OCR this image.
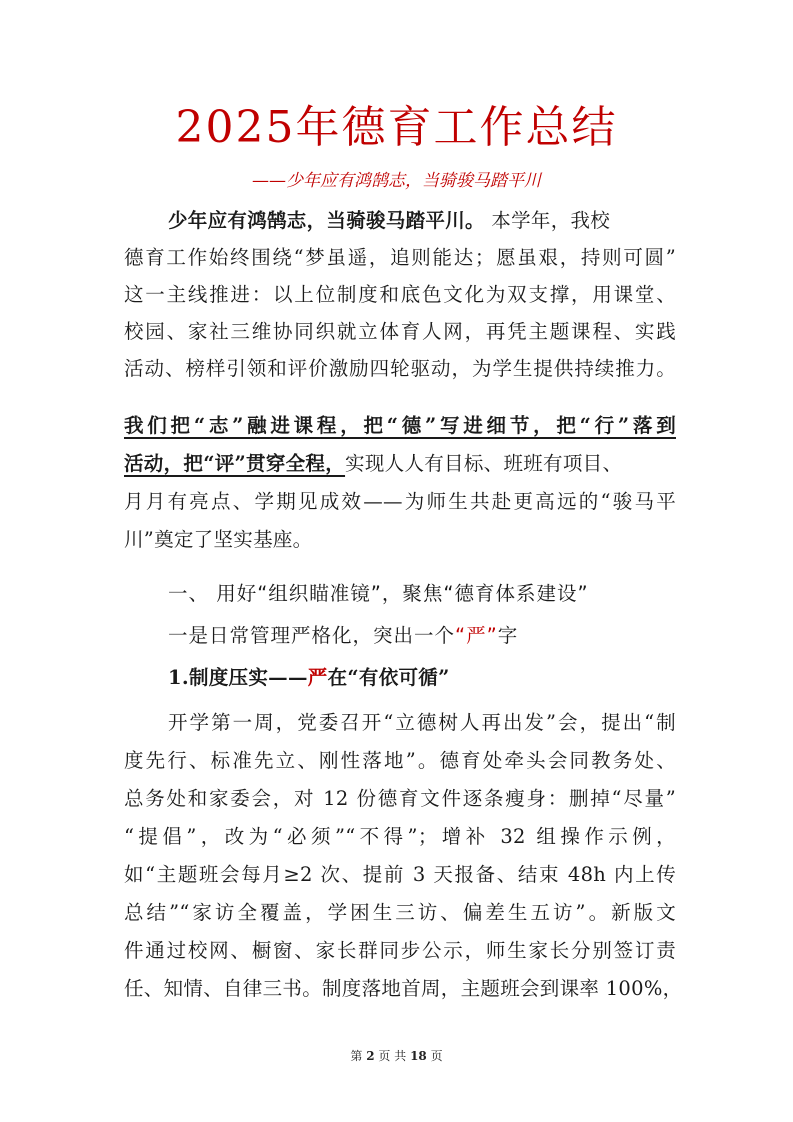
2025年德育工作总结
——少年应有鸿鹄志，当骑骏马踏平川
少年应有鸿鹄志，当骑骏马踏平川。 本学年，我校
德育工作始终围绕“梦虽遥，追则能达；愿虽艰，持则可圆”
这一主线推进：以上位制度和底色文化为双支撑，用课堂、
校园、家社三维协同织就立体育人网，再凭主题课程、实践
活动、榜样引领和评价激励四轮驱动，为学生提供持续推力。
我们把“志”融进课程，把“德”写进细节，把“行”落到
活动，把“评”贯穿全程，实现人人有目标、班班有项目、
月月有亮点、学期见成效——为师生共赴更高远的“骏马平
川”奠定了坚实基座。
一、 用好“组织瞄准镜”，聚焦“德育体系建设”
一是日常管理严格化，突出一个“严”字
1.制度压实——严在“有依可循”
开学第一周，党委召开“立德树人再出发”会，提出“制
度先行、标准先立、刚性落地”。德育处牵头会同教务处、
总务处和家委会，对 12 份德育文件逐条瘦身：删掉“尽量”
“提倡”，改为“必须”“不得”；增补 32 组操作示例，
如“主题班会每月≥2 次、提前 3 天报备、结束 48h 内上传
总结”“家访全覆盖，学困生三访、偏差生五访”。新版文
件通过校网、橱窗、家长群同步公示，师生家长分别签订责
任、知情、自律三书。制度落地首周，主题班会到课率 100%，
第 2 页 共 18 页
